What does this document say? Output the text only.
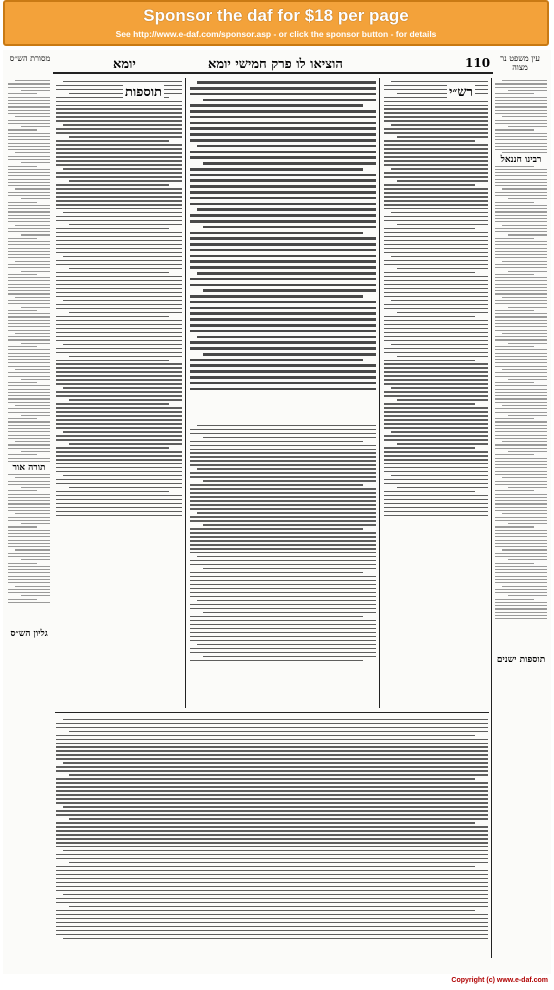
Sponsor the daf for $18 per page
See http://www.e-daf.com/sponsor.asp - or click the sponsor button - for details
מסורת הש״ס	יומא	הוציאו לו פרק חמישי יומא	110	עין משפט נר מצוה
תורה אור
גליון הש״ס
רש״י
תוספות
רבינו חננאל
תוספות ישנים
Copyright (c) www.e-daf.com
